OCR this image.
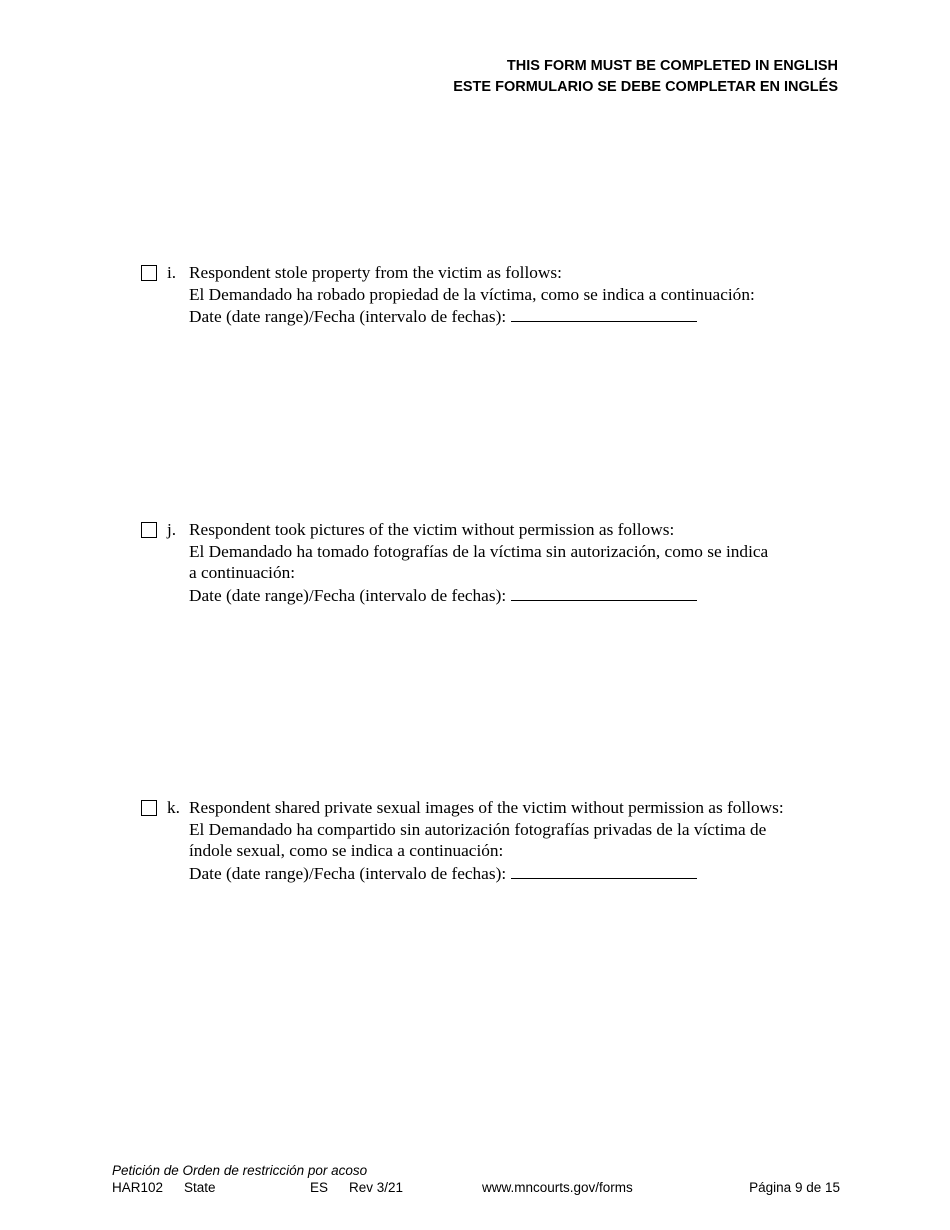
THIS FORM MUST BE COMPLETED IN ENGLISH
ESTE FORMULARIO SE DEBE COMPLETAR EN INGLÉS
i. Respondent stole property from the victim as follows:
El Demandado ha robado propiedad de la víctima, como se indica a continuación:
Date (date range)/Fecha (intervalo de fechas):
j. Respondent took pictures of the victim without permission as follows:
El Demandado ha tomado fotografías de la víctima sin autorización, como se indica
a continuación:
Date (date range)/Fecha (intervalo de fechas):
k. Respondent shared private sexual images of the victim without permission as follows:
El Demandado ha compartido sin autorización fotografías privadas de la víctima de
índole sexual, como se indica a continuación:
Date (date range)/Fecha (intervalo de fechas):
Petición de Orden de restricción por acoso
HAR102 State	ES Rev 3/21	www.mncourts.gov/forms	Página 9 de 15
